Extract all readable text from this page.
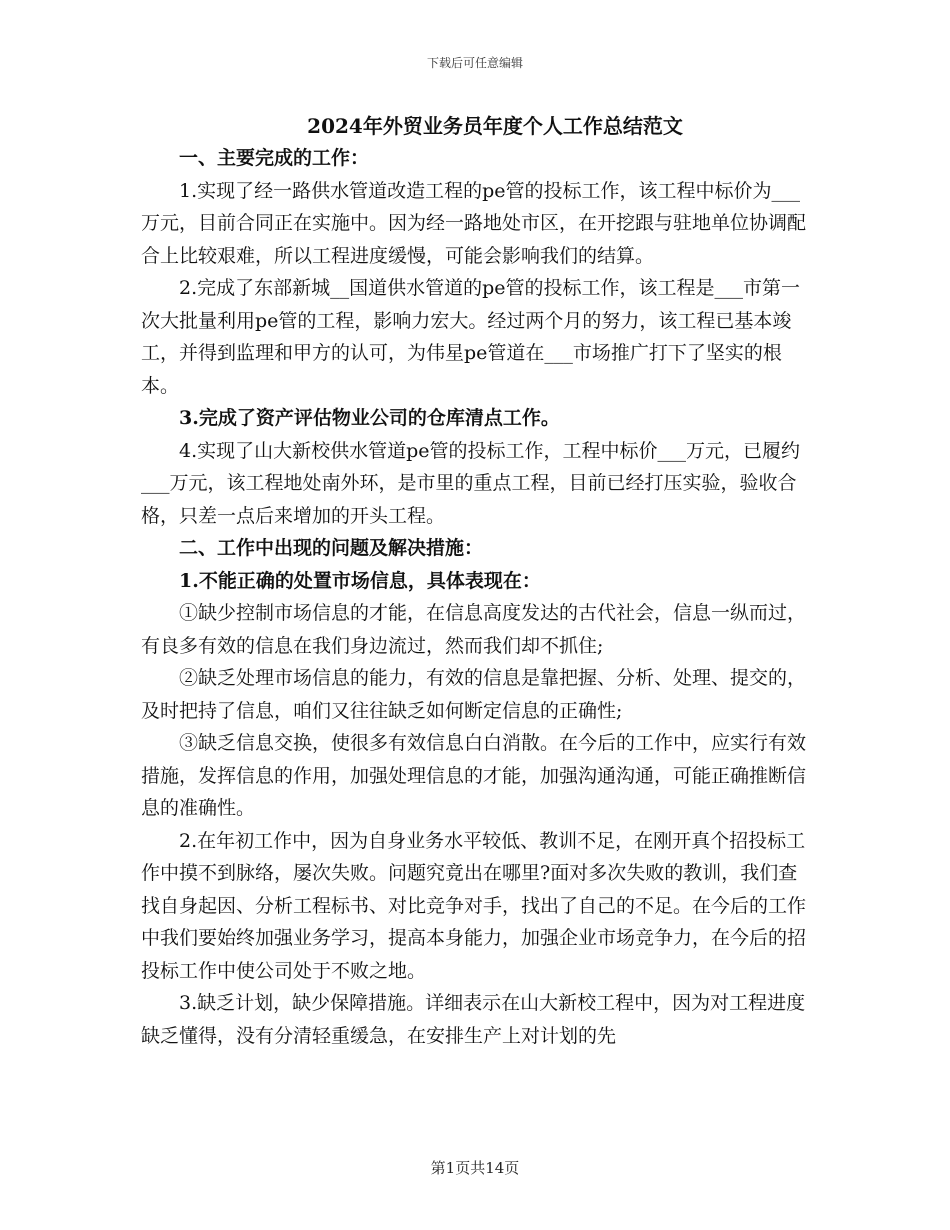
下载后可任意编辑
2024年外贸业务员年度个人工作总结范文

一、主要完成的工作：

1.实现了经一路供水管道改造工程的pe管的投标工作，该工程中标价为___万元，目前合同正在实施中。因为经一路地处市区，在开挖跟与驻地单位协调配合上比较艰难，所以工程进度缓慢，可能会影响我们的结算。

2.完成了东部新城__国道供水管道的pe管的投标工作，该工程是___市第一次大批量利用pe管的工程，影响力宏大。经过两个月的努力，该工程已基本竣工，并得到监理和甲方的认可，为伟星pe管道在___市场推广打下了坚实的根本。

3.完成了资产评估物业公司的仓库清点工作。

4.实现了山大新校供水管道pe管的投标工作，工程中标价___万元，已履约___万元，该工程地处南外环，是市里的重点工程，目前已经打压实验，验收合格，只差一点后来增加的开头工程。

二、工作中出现的问题及解决措施：

1.不能正确的处置市场信息，具体表现在：

①缺少控制市场信息的才能，在信息高度发达的古代社会，信息一纵而过，有良多有效的信息在我们身边流过，然而我们却不抓住;

②缺乏处理市场信息的能力，有效的信息是靠把握、分析、处理、提交的，及时把持了信息，咱们又往往缺乏如何断定信息的正确性;

③缺乏信息交换，使很多有效信息白白消散。在今后的工作中，应实行有效措施，发挥信息的作用，加强处理信息的才能，加强沟通沟通，可能正确推断信息的准确性。

2.在年初工作中，因为自身业务水平较低、教训不足，在刚开真个招投标工作中摸不到脉络，屡次失败。问题究竟出在哪里?面对多次失败的教训，我们查找自身起因、分析工程标书、对比竞争对手，找出了自己的不足。在今后的工作中我们要始终加强业务学习，提高本身能力，加强企业市场竞争力，在今后的招投标工作中使公司处于不败之地。

3.缺乏计划，缺少保障措施。详细表示在山大新校工程中，因为对工程进度缺乏懂得，没有分清轻重缓急，在安排生产上对计划的先

第1页共14页
